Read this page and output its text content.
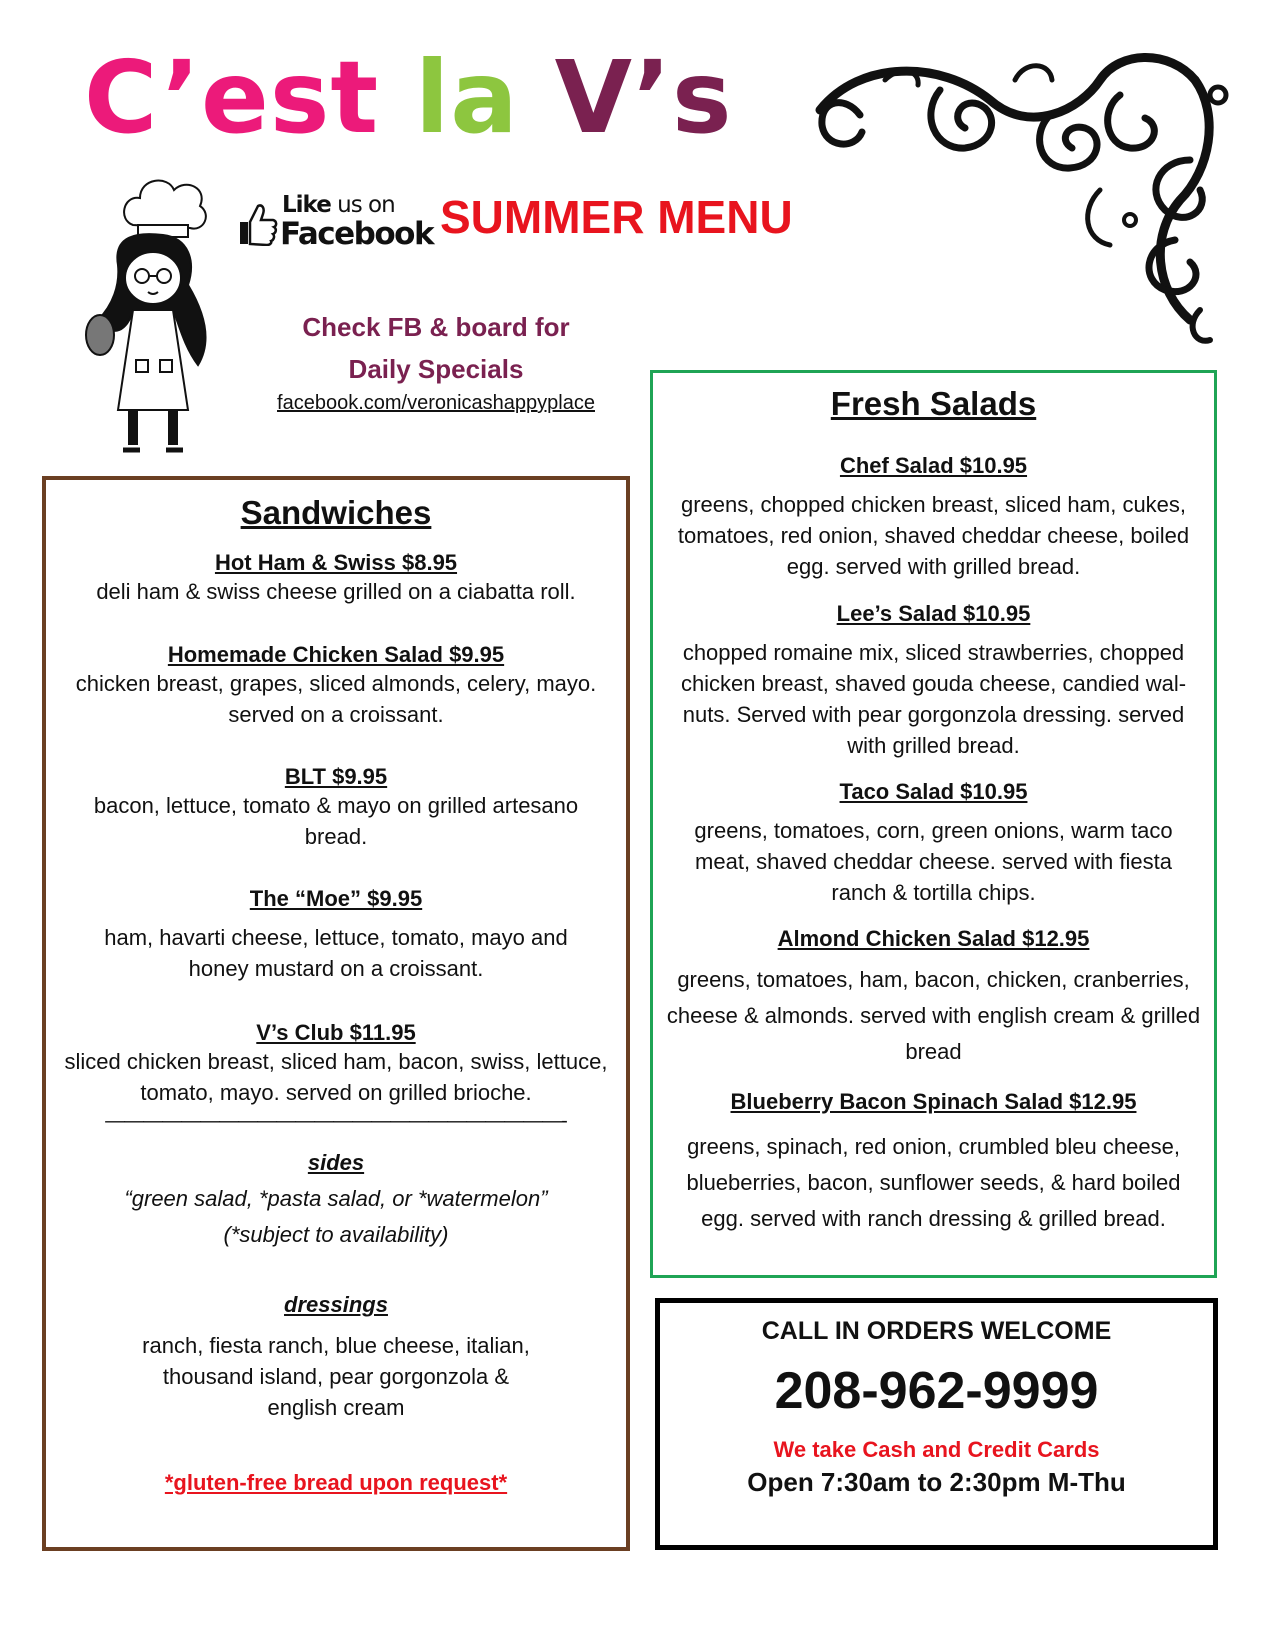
C’est la V’s
Like us on
Facebook SUMMER MENU
Check FB & board for
Daily Specials
facebook.com/veronicashappyplace
Sandwiches
Hot Ham & Swiss $8.95
deli ham & swiss cheese grilled on a ciabatta roll.
Homemade Chicken Salad $9.95
chicken breast, grapes, sliced almonds, celery, mayo. served on a croissant.
BLT $9.95
bacon, lettuce, tomato & mayo on grilled artesano bread.
The “Moe” $9.95
ham, havarti cheese, lettuce, tomato, mayo and honey mustard on a croissant.
V’s Club $11.95
sliced chicken breast, sliced ham, bacon, swiss, lettuce, tomato, mayo. served on grilled brioche.
————————————————————————-
sides
“green salad, *pasta salad, or *watermelon”
(*subject to availability)
dressings
ranch, fiesta ranch, blue cheese, italian, thousand island, pear gorgonzola & english cream
*gluten-free bread upon request*
Fresh Salads
Chef Salad $10.95
greens, chopped chicken breast, sliced ham, cukes, tomatoes, red onion, shaved cheddar cheese, boiled egg. served with grilled bread.
Lee’s Salad $10.95
chopped romaine mix, sliced strawberries, chopped chicken breast, shaved gouda cheese, candied wal-nuts. Served with pear gorgonzola dressing. served with grilled bread.
Taco Salad $10.95
greens, tomatoes, corn, green onions, warm taco meat, shaved cheddar cheese. served with fiesta ranch & tortilla chips.
Almond Chicken Salad $12.95
greens, tomatoes, ham, bacon, chicken, cranberries, cheese & almonds. served with english cream & grilled bread
Blueberry Bacon Spinach Salad $12.95
greens, spinach, red onion, crumbled bleu cheese, blueberries, bacon, sunflower seeds, & hard boiled egg. served with ranch dressing & grilled bread.
CALL IN ORDERS WELCOME
208-962-9999
We take Cash and Credit Cards
Open 7:30am to 2:30pm M-Thu
